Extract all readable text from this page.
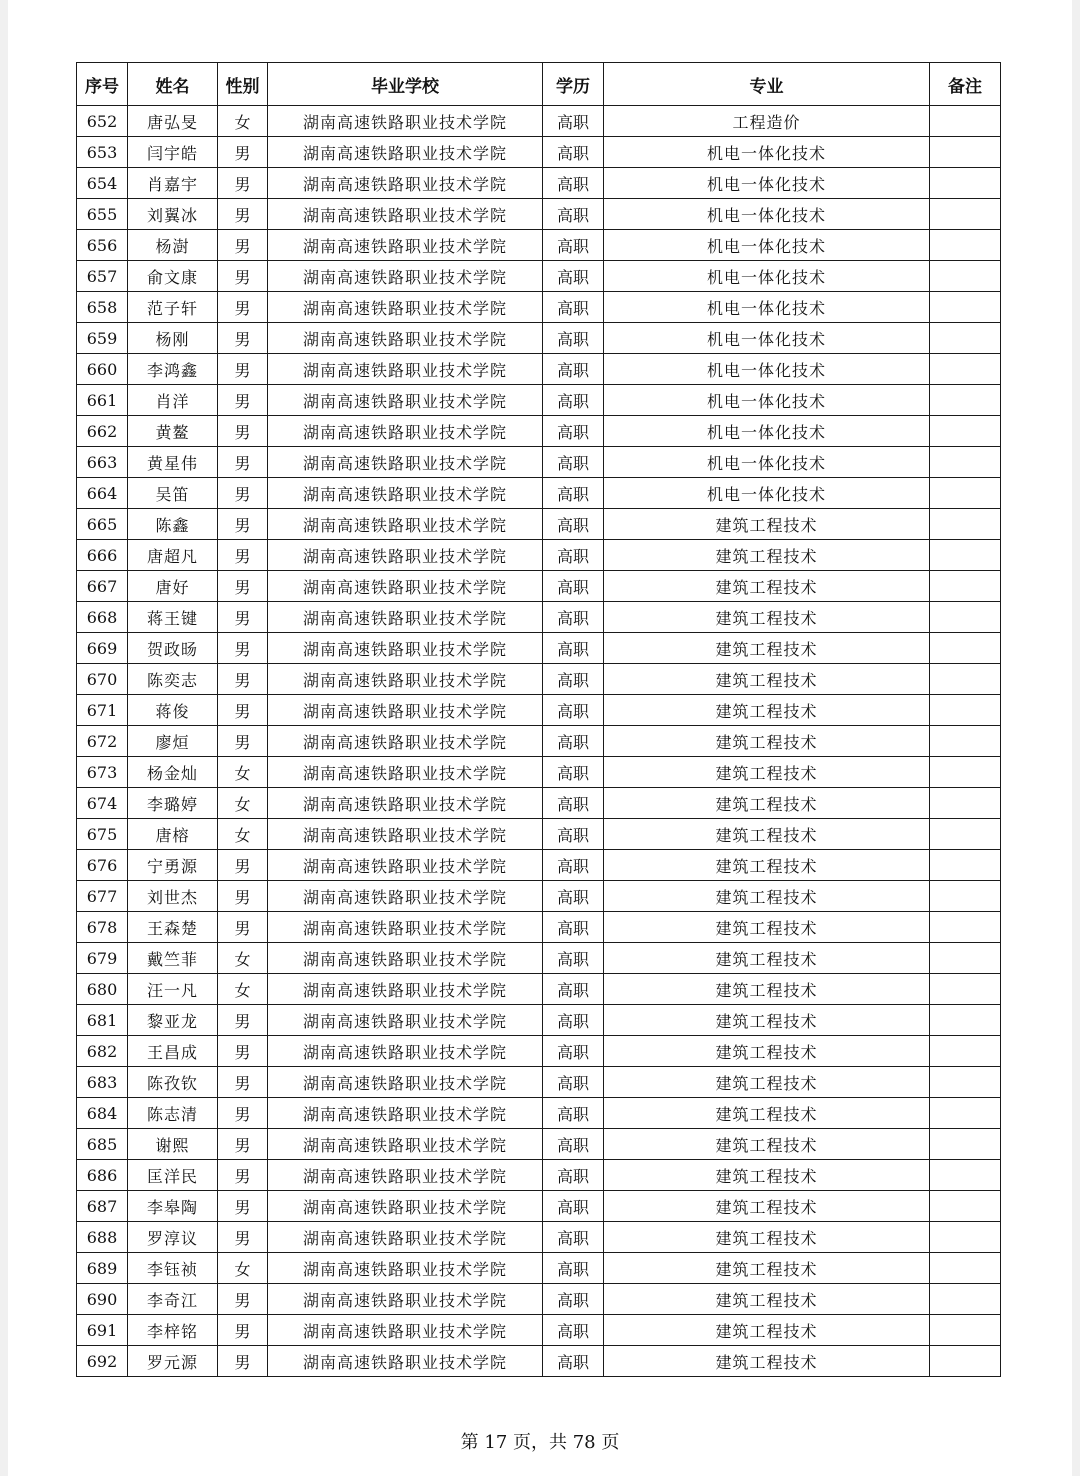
序号	姓名	性别	毕业学校	学历	专业	备注
652	唐弘旻	女	湖南高速铁路职业技术学院	高职	工程造价	
653	闫宇皓	男	湖南高速铁路职业技术学院	高职	机电一体化技术	
654	肖嘉宇	男	湖南高速铁路职业技术学院	高职	机电一体化技术	
655	刘翼冰	男	湖南高速铁路职业技术学院	高职	机电一体化技术	
656	杨澍	男	湖南高速铁路职业技术学院	高职	机电一体化技术	
657	俞文康	男	湖南高速铁路职业技术学院	高职	机电一体化技术	
658	范子轩	男	湖南高速铁路职业技术学院	高职	机电一体化技术	
659	杨刚	男	湖南高速铁路职业技术学院	高职	机电一体化技术	
660	李鸿鑫	男	湖南高速铁路职业技术学院	高职	机电一体化技术	
661	肖洋	男	湖南高速铁路职业技术学院	高职	机电一体化技术	
662	黄鳌	男	湖南高速铁路职业技术学院	高职	机电一体化技术	
663	黄星伟	男	湖南高速铁路职业技术学院	高职	机电一体化技术	
664	吴笛	男	湖南高速铁路职业技术学院	高职	机电一体化技术	
665	陈鑫	男	湖南高速铁路职业技术学院	高职	建筑工程技术	
666	唐超凡	男	湖南高速铁路职业技术学院	高职	建筑工程技术	
667	唐好	男	湖南高速铁路职业技术学院	高职	建筑工程技术	
668	蒋王键	男	湖南高速铁路职业技术学院	高职	建筑工程技术	
669	贺政旸	男	湖南高速铁路职业技术学院	高职	建筑工程技术	
670	陈奕志	男	湖南高速铁路职业技术学院	高职	建筑工程技术	
671	蒋俊	男	湖南高速铁路职业技术学院	高职	建筑工程技术	
672	廖烜	男	湖南高速铁路职业技术学院	高职	建筑工程技术	
673	杨金灿	女	湖南高速铁路职业技术学院	高职	建筑工程技术	
674	李璐婷	女	湖南高速铁路职业技术学院	高职	建筑工程技术	
675	唐榕	女	湖南高速铁路职业技术学院	高职	建筑工程技术	
676	宁勇源	男	湖南高速铁路职业技术学院	高职	建筑工程技术	
677	刘世杰	男	湖南高速铁路职业技术学院	高职	建筑工程技术	
678	王森楚	男	湖南高速铁路职业技术学院	高职	建筑工程技术	
679	戴竺菲	女	湖南高速铁路职业技术学院	高职	建筑工程技术	
680	汪一凡	女	湖南高速铁路职业技术学院	高职	建筑工程技术	
681	黎亚龙	男	湖南高速铁路职业技术学院	高职	建筑工程技术	
682	王昌成	男	湖南高速铁路职业技术学院	高职	建筑工程技术	
683	陈孜钦	男	湖南高速铁路职业技术学院	高职	建筑工程技术	
684	陈志清	男	湖南高速铁路职业技术学院	高职	建筑工程技术	
685	谢熙	男	湖南高速铁路职业技术学院	高职	建筑工程技术	
686	匡洋民	男	湖南高速铁路职业技术学院	高职	建筑工程技术	
687	李皋陶	男	湖南高速铁路职业技术学院	高职	建筑工程技术	
688	罗淳议	男	湖南高速铁路职业技术学院	高职	建筑工程技术	
689	李钰祯	女	湖南高速铁路职业技术学院	高职	建筑工程技术	
690	李奇江	男	湖南高速铁路职业技术学院	高职	建筑工程技术	
691	李梓铭	男	湖南高速铁路职业技术学院	高职	建筑工程技术	
692	罗元源	男	湖南高速铁路职业技术学院	高职	建筑工程技术	
第 17 页，共 78 页
